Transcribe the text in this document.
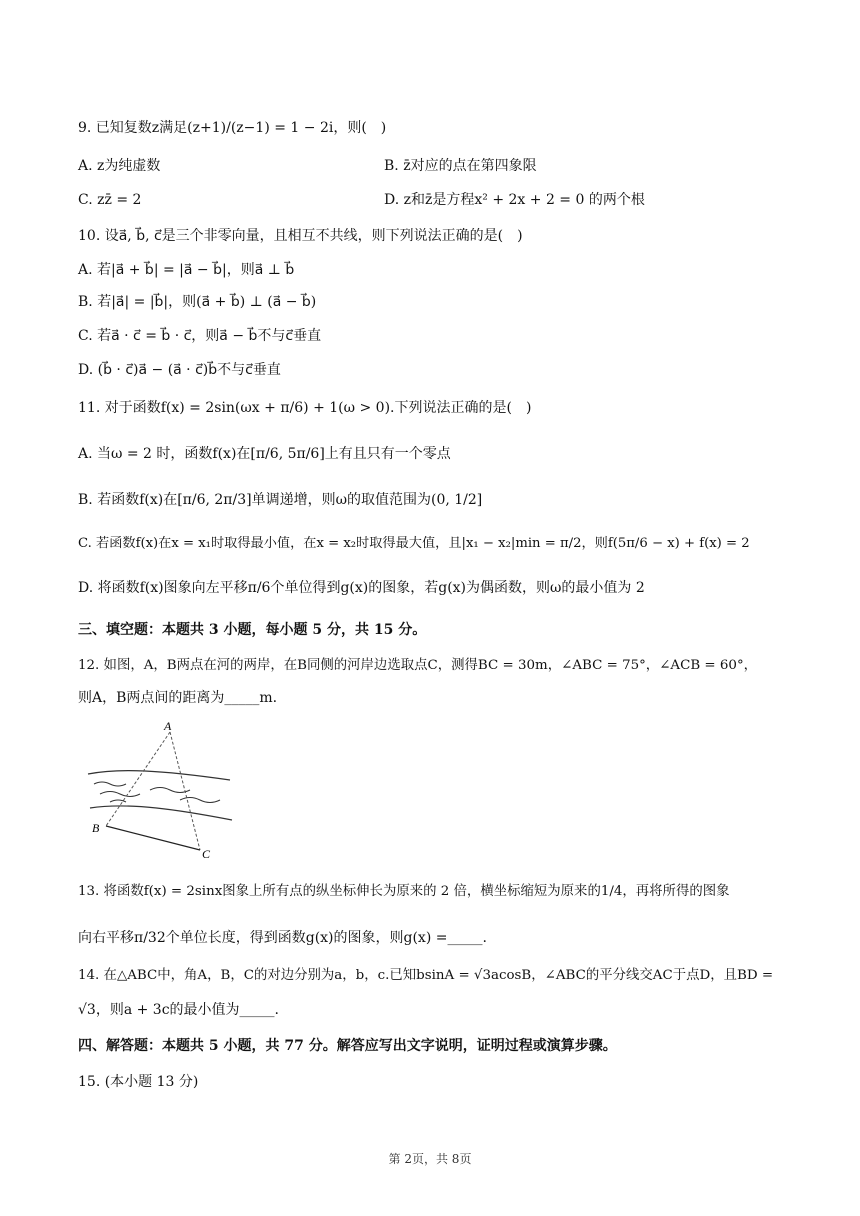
9. 已知复数z满足(z+1)/(z−1) = 1 − 2i，则(　)
A. z为纯虚数	B. z̄对应的点在第四象限
C. zz̄ = 2	D. z和z̄是方程x² + 2x + 2 = 0 的两个根
10. 设a⃗, b⃗, c⃗是三个非零向量，且相互不共线，则下列说法正确的是(　)
A. 若|a⃗ + b⃗| = |a⃗ − b⃗|，则a⃗ ⊥ b⃗
B. 若|a⃗| = |b⃗|，则(a⃗ + b⃗) ⊥ (a⃗ − b⃗)
C. 若a⃗ · c⃗ = b⃗ · c⃗，则a⃗ − b⃗不与c⃗垂直
D. (b⃗ · c⃗)a⃗ − (a⃗ · c⃗)b⃗不与c⃗垂直
11. 对于函数f(x) = 2sin(ωx + π/6) + 1(ω > 0).下列说法正确的是(　)
A. 当ω = 2 时，函数f(x)在[π/6, 5π/6]上有且只有一个零点
B. 若函数f(x)在[π/6, 2π/3]单调递增，则ω的取值范围为(0, 1/2]
C. 若函数f(x)在x = x₁时取得最小值，在x = x₂时取得最大值，且|x₁ − x₂|min = π/2，则f(5π/6 − x) + f(x) = 2
D. 将函数f(x)图象向左平移π/6个单位得到g(x)的图象，若g(x)为偶函数，则ω的最小值为 2
三、填空题：本题共 3 小题，每小题 5 分，共 15 分。
12. 如图，A，B两点在河的两岸，在B同侧的河岸边选取点C，测得BC = 30m，∠ABC = 75°，∠ACB = 60°，
则A，B两点间的距离为_____m.
A
B
C
13. 将函数f(x) = 2sinx图象上所有点的纵坐标伸长为原来的 2 倍，横坐标缩短为原来的1/4，再将所得的图象
向右平移π/32个单位长度，得到函数g(x)的图象，则g(x) =_____.
14. 在△ABC中，角A，B，C的对边分别为a，b，c.已知bsinA = √3acosB，∠ABC的平分线交AC于点D，且BD =
√3，则a + 3c的最小值为_____.
四、解答题：本题共 5 小题，共 77 分。解答应写出文字说明，证明过程或演算步骤。
15. (本小题 13 分)
第 2页，共 8页
